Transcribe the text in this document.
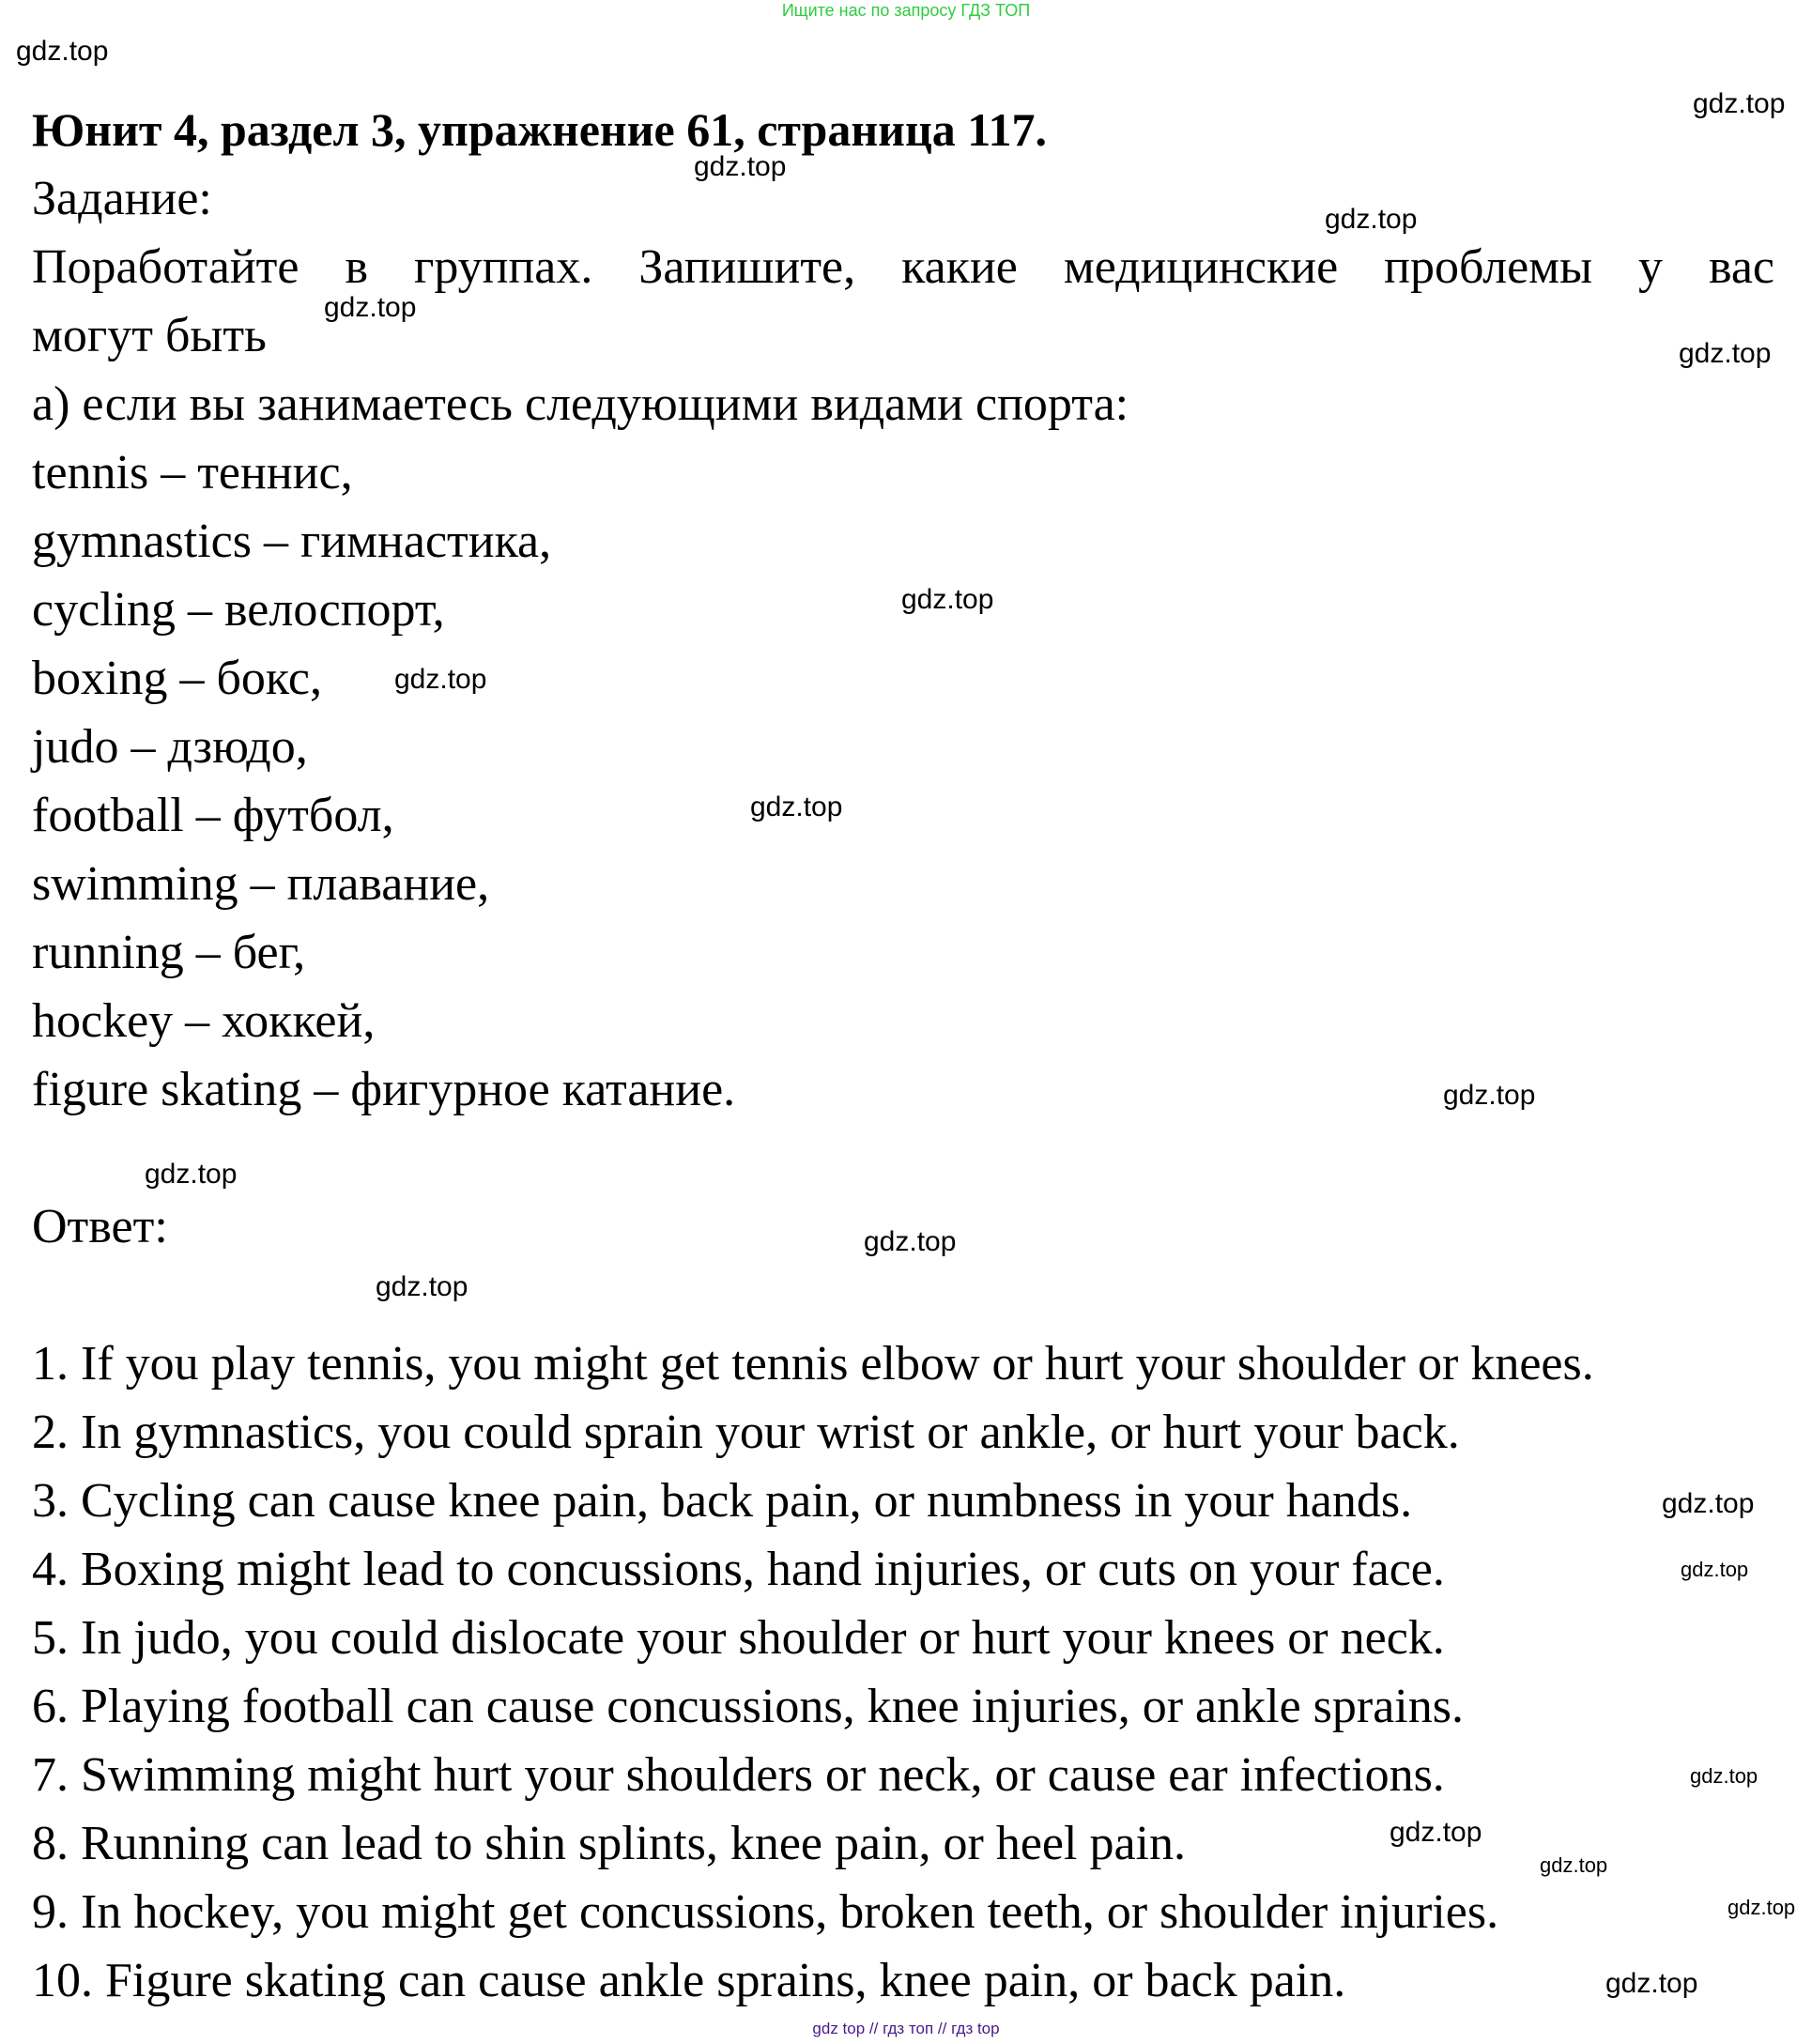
Ищите нас по запросу ГДЗ ТОП
Юнит 4, раздел 3, упражнение 61, страница 117.
Задание:
Поработайте в группах. Запишите, какие медицинские проблемы у вас
могут быть
а) если вы занимаетесь следующими видами спорта:
tennis – теннис,
gymnastics – гимнастика,
cycling – велоспорт,
boxing – бокс,
judo – дзюдо,
football – футбол,
swimming – плавание,
running – бег,
hockey – хоккей,
figure skating – фигурное катание.
Ответ:
1. If you play tennis, you might get tennis elbow or hurt your shoulder or knees.
2. In gymnastics, you could sprain your wrist or ankle, or hurt your back.
3. Cycling can cause knee pain, back pain, or numbness in your hands.
4. Boxing might lead to concussions, hand injuries, or cuts on your face.
5. In judo, you could dislocate your shoulder or hurt your knees or neck.
6. Playing football can cause concussions, knee injuries, or ankle sprains.
7. Swimming might hurt your shoulders or neck, or cause ear infections.
8. Running can lead to shin splints, knee pain, or heel pain.
9. In hockey, you might get concussions, broken teeth, or shoulder injuries.
10. Figure skating can cause ankle sprains, knee pain, or back pain.
gdz.top
gdz.top
gdz.top
gdz.top
gdz.top
gdz.top
gdz.top
gdz.top
gdz.top
gdz.top
gdz.top
gdz.top
gdz.top
gdz.top
gdz.top
gdz.top
gdz.top
gdz.top
gdz.top
gdz.top
gdz top // гдз топ // гдз top
